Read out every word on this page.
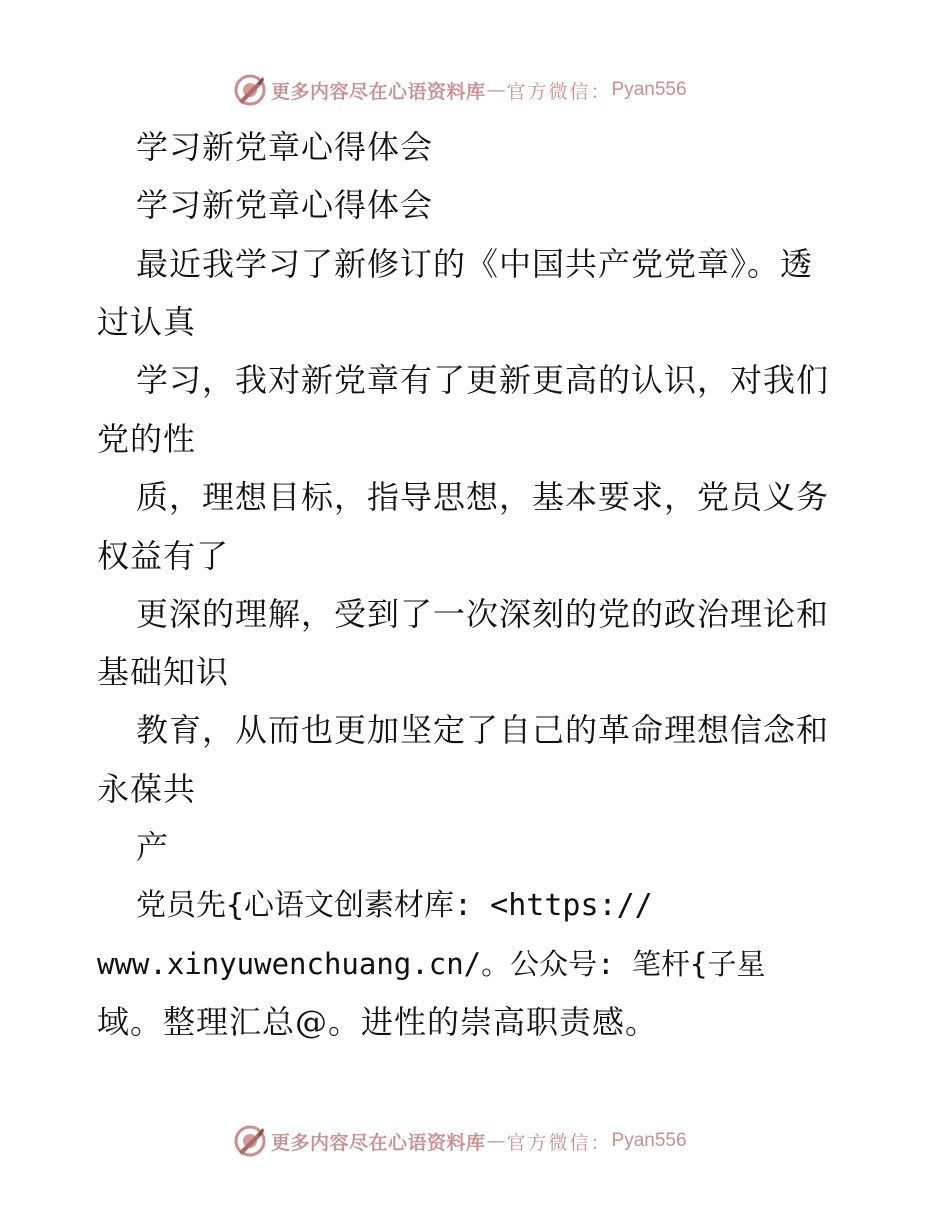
更多内容尽在心语资料库 — 官方微信： Pyan556
学习新党章心得体会
学习新党章心得体会
最近我学习了新修订的《中国共产党党章》。透
过认真
学习，我对新党章有了更新更高的认识，对我们
党的性
质，理想目标，指导思想，基本要求，党员义务
权益有了
更深的理解，受到了一次深刻的党的政治理论和
基础知识
教育，从而也更加坚定了自己的革命理想信念和
永葆共
产
党员先{心语文创素材库: <https://
www.xinyuwenchuang.cn/。公众号: 笔杆{子星
域。整理汇总@。进性的崇高职责感。
更多内容尽在心语资料库 — 官方微信： Pyan556
